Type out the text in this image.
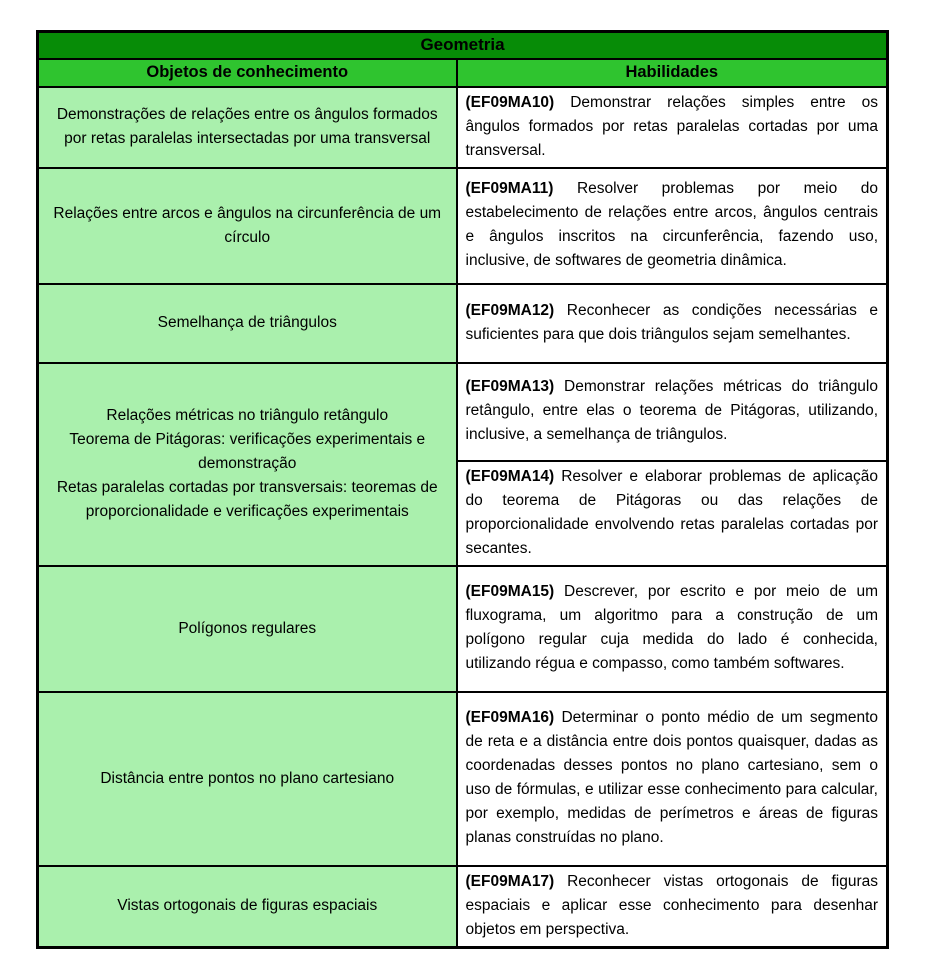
Geometria	
Objetos de conhecimento	Habilidades
Demonstrações de relações entre os ângulos formados por retas paralelas intersectadas por uma transversal	(EF09MA10) Demonstrar relações simples entre os ângulos formados por retas paralelas cortadas por uma transversal.
Relações entre arcos e ângulos na circunferência de um círculo	(EF09MA11) Resolver problemas por meio do estabelecimento de relações entre arcos, ângulos centrais e ângulos inscritos na circunferência, fazendo uso, inclusive, de softwares de geometria dinâmica.
Semelhança de triângulos	(EF09MA12) Reconhecer as condições necessárias e suficientes para que dois triângulos sejam semelhantes.

Relações métricas no triângulo retângulo
Teorema de Pitágoras: verificações experimentais e demonstração
Retas paralelas cortadas por transversais: teoremas de proporcionalidade e verificações experimentais	(EF09MA13) Demonstrar relações métricas do triângulo retângulo, entre elas o teorema de Pitágoras, utilizando, inclusive, a semelhança de triângulos.
	(EF09MA14) Resolver e elaborar problemas de aplicação do teorema de Pitágoras ou das relações de proporcionalidade envolvendo retas paralelas cortadas por secantes.
Polígonos regulares	(EF09MA15) Descrever, por escrito e por meio de um fluxograma, um algoritmo para a construção de um polígono regular cuja medida do lado é conhecida, utilizando régua e compasso, como também softwares.
Distância entre pontos no plano cartesiano	(EF09MA16) Determinar o ponto médio de um segmento de reta e a distância entre dois pontos quaisquer, dadas as coordenadas desses pontos no plano cartesiano, sem o uso de fórmulas, e utilizar esse conhecimento para calcular, por exemplo, medidas de perímetros e áreas de figuras planas construídas no plano.
Vistas ortogonais de figuras espaciais	(EF09MA17) Reconhecer vistas ortogonais de figuras espaciais e aplicar esse conhecimento para desenhar objetos em perspectiva.
